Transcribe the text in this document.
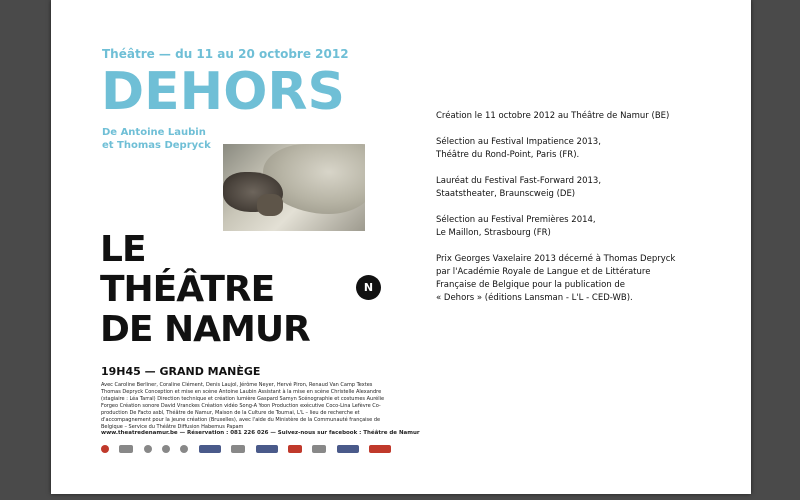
Théâtre — du 11 au 20 octobre 2012
DEHORS
De Antoine Laubin
et Thomas Depryck
LE
THÉÂTRE
DE NAMUR
N
19H45 — GRAND MANÈGE
Avec Caroline Berliner, Coraline Clément, Denis Laujol, Jérôme Neyer, Hervé Piron, Renaud Van Camp Textes Thomas Depryck Conception et mise en scène Antoine Laubin Assistant à la mise en scène Christelle Alexandre (stagiaire : Léa Tarral) Direction technique et création lumière Gaspard Samyn Scénographie et costumes Aurélie Forgeo Création sonore David Vranckes Création vidéo Song-A Yoon Production exécutive Coco-Lina Lefèvre Co-production De Facto asbl, Théâtre de Namur, Maison de la Culture de Tournai, L'L – lieu de recherche et d'accompagnement pour la jeune création (Bruxelles), avec l'aide du Ministère de la Communauté française de Belgique – Service du Théâtre Diffusion Habemus Papam
www.theatredenamur.be — Réservation : 081 226 026 — Suivez-nous sur facebook : Théâtre de Namur
Création le 11 octobre 2012 au Théâtre de Namur (BE)
Sélection au Festival Impatience 2013,
Théâtre du Rond-Point, Paris (FR).
Lauréat du Festival Fast-Forward 2013,
Staatstheater, Braunscweig (DE)
Sélection au Festival Premières 2014,
Le Maillon, Strasbourg (FR)
Prix Georges Vaxelaire 2013 décerné à Thomas Depryck
par l'Académie Royale de Langue et de Littérature
Française de Belgique pour la publication de
« Dehors » (éditions Lansman - L'L - CED-WB).
